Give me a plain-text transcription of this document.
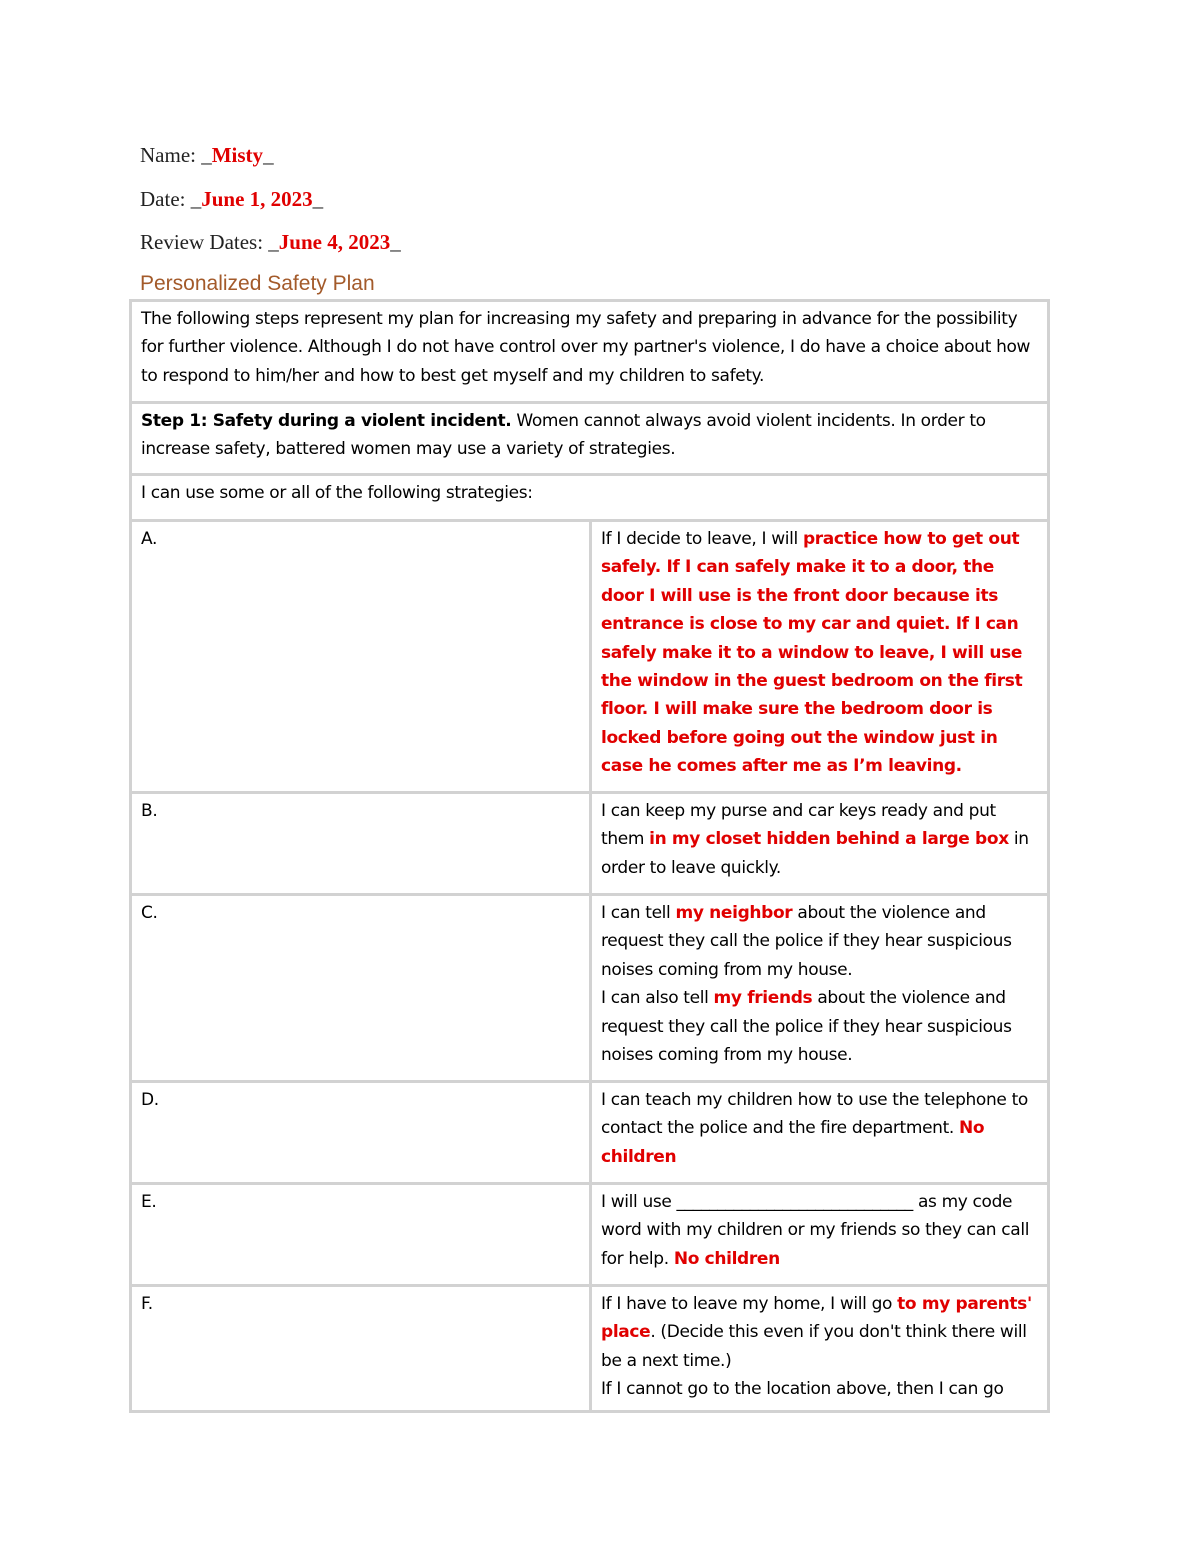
Name: _Misty_
Date: _June 1, 2023_
Review Dates: _June 4, 2023_
Personalized Safety Plan
The following steps represent my plan for increasing my safety and preparing in advance for the possibility for further violence. Although I do not have control over my partner's violence, I do have a choice about how to respond to him/her and how to best get myself and my children to safety.	
Step 1: Safety during a violent incident. Women cannot always avoid violent incidents. In order to increase safety, battered women may use a variety of strategies.	
I can use some or all of the following strategies:	
A.	If I decide to leave, I will practice how to get out safely. If I can safely make it to a door, the door I will use is the front door because its entrance is close to my car and quiet. If I can safely make it to a window to leave, I will use the window in the guest bedroom on the first floor. I will make sure the bedroom door is locked before going out the window just in case he comes after me as I’m leaving.
B.	I can keep my purse and car keys ready and put them in my closet hidden behind a large box in order to leave quickly.
C.	I can tell my neighbor about the violence and request they call the police if they hear suspicious noises coming from my house.
I can also tell my friends about the violence and request they call the police if they hear suspicious noises coming from my house.
D.	I can teach my children how to use the telephone to contact the police and the fire department. No children
E.	I will use _____________________________ as my code word with my children or my friends so they can call for help. No children
F.	If I have to leave my home, I will go to my parents' place. (Decide this even if you don't think there will be a next time.)
If I cannot go to the location above, then I can go
